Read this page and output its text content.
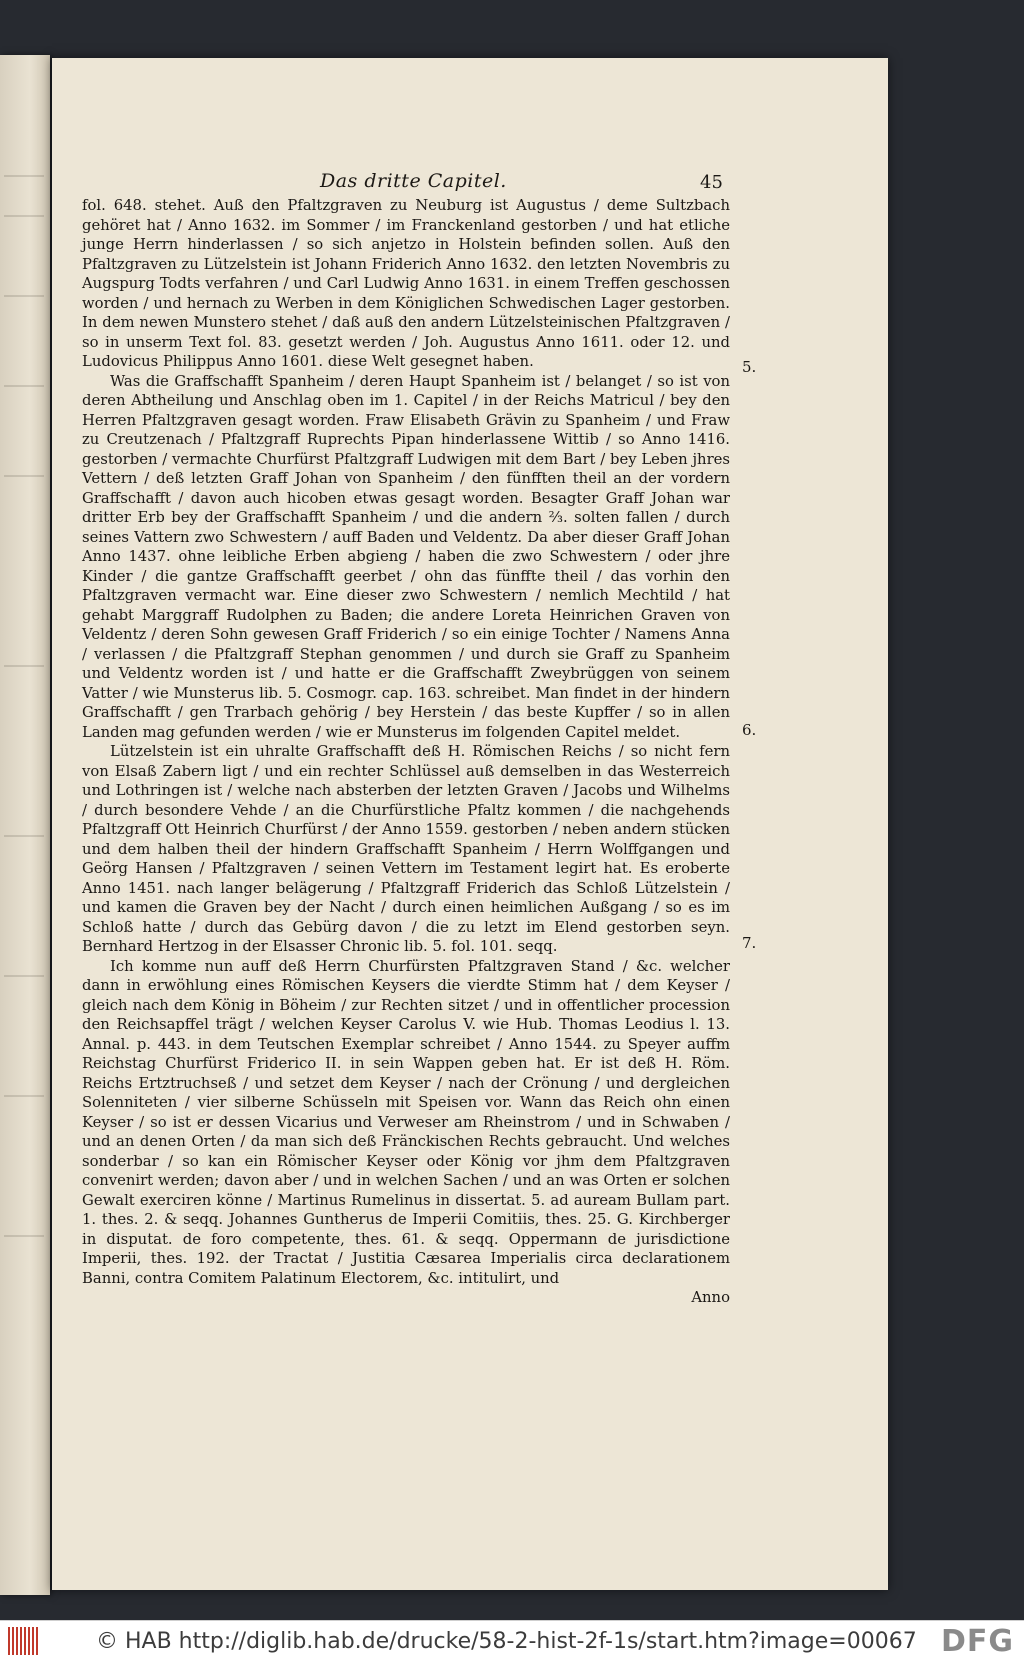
Das dritte Capitel.	45

fol. 648. stehet. Auß den Pfaltzgraven zu Neuburg ist Augustus / deme Sultzbach gehöret hat / Anno 1632. im Sommer / im Franckenland gestorben / und hat etliche junge Herrn hinderlassen / so sich anjetzo in Holstein befinden sollen. Auß den Pfaltzgraven zu Lützelstein ist Johann Friderich Anno 1632. den letzten Novembris zu Augspurg Todts verfahren / und Carl Ludwig Anno 1631. in einem Treffen geschossen worden / und hernach zu Werben in dem Königlichen Schwedischen Lager gestorben. In dem newen Munstero stehet / daß auß den andern Lützelsteinischen Pfaltzgraven / so in unserm Text fol. 83. gesetzt werden / Joh. Augustus Anno 1611. oder 12. und Ludovicus Philippus Anno 1601. diese Welt gesegnet haben.

Was die Graffschafft Spanheim / deren Haupt Spanheim ist / belanget / so ist von deren Abtheilung und Anschlag oben im 1. Capitel / in der Reichs Matricul / bey den Herren Pfaltzgraven gesagt worden. Fraw Elisabeth Grävin zu Spanheim / und Fraw zu Creutzenach / Pfaltzgraff Ruprechts Pipan hinderlassene Wittib / so Anno 1416. gestorben / vermachte Churfürst Pfaltzgraff Ludwigen mit dem Bart / bey Leben jhres Vettern / deß letzten Graff Johan von Spanheim / den fünfften theil an der vordern Graffschafft / davon auch hicoben etwas gesagt worden. Besagter Graff Johan war dritter Erb bey der Graffschafft Spanheim / und die andern ⅔. solten fallen / durch seines Vattern zwo Schwestern / auff Baden und Veldentz. Da aber dieser Graff Johan Anno 1437. ohne leibliche Erben abgieng / haben die zwo Schwestern / oder jhre Kinder / die gantze Graffschafft geerbet / ohn das fünffte theil / das vorhin den Pfaltzgraven vermacht war. Eine dieser zwo Schwestern / nemlich Mechtild / hat gehabt Marggraff Rudolphen zu Baden; die andere Loreta Heinrichen Graven von Veldentz / deren Sohn gewesen Graff Friderich / so ein einige Tochter / Namens Anna / verlassen / die Pfaltzgraff Stephan genommen / und durch sie Graff zu Spanheim und Veldentz worden ist / und hatte er die Graffschafft Zweybrüggen von seinem Vatter / wie Munsterus lib. 5. Cosmogr. cap. 163. schreibet. Man findet in der hindern Graffschafft / gen Trarbach gehörig / bey Herstein / das beste Kupffer / so in allen Landen mag gefunden werden / wie er Munsterus im folgenden Capitel meldet.

Lützelstein ist ein uhralte Graffschafft deß H. Römischen Reichs / so nicht fern von Elsaß Zabern ligt / und ein rechter Schlüssel auß demselben in das Westerreich und Lothringen ist / welche nach absterben der letzten Graven / Jacobs und Wilhelms / durch besondere Vehde / an die Churfürstliche Pfaltz kommen / die nachgehends Pfaltzgraff Ott Heinrich Churfürst / der Anno 1559. gestorben / neben andern stücken und dem halben theil der hindern Graffschafft Spanheim / Herrn Wolffgangen und Geörg Hansen / Pfaltzgraven / seinen Vettern im Testament legirt hat. Es eroberte Anno 1451. nach langer belägerung / Pfaltzgraff Friderich das Schloß Lützelstein / und kamen die Graven bey der Nacht / durch einen heimlichen Außgang / so es im Schloß hatte / durch das Gebürg davon / die zu letzt im Elend gestorben seyn. Bernhard Hertzog in der Elsasser Chronic lib. 5. fol. 101. seqq.

Ich komme nun auff deß Herrn Churfürsten Pfaltzgraven Stand / &c. welcher dann in erwöhlung eines Römischen Keysers die vierdte Stimm hat / dem Keyser / gleich nach dem König in Böheim / zur Rechten sitzet / und in offentlicher procession den Reichsapffel trägt / welchen Keyser Carolus V. wie Hub. Thomas Leodius l. 13. Annal. p. 443. in dem Teutschen Exemplar schreibet / Anno 1544. zu Speyer auffm Reichstag Churfürst Friderico II. in sein Wappen geben hat. Er ist deß H. Röm. Reichs Ertztruchseß / und setzet dem Keyser / nach der Crönung / und dergleichen Solenniteten / vier silberne Schüsseln mit Speisen vor. Wann das Reich ohn einen Keyser / so ist er dessen Vicarius und Verweser am Rheinstrom / und in Schwaben / und an denen Orten / da man sich deß Fränckischen Rechts gebraucht. Und welches sonderbar / so kan ein Römischer Keyser oder König vor jhm dem Pfaltzgraven convenirt werden; davon aber / und in welchen Sachen / und an was Orten er solchen Gewalt exerciren könne / Martinus Rumelinus in dissertat. 5. ad auream Bullam part. 1. thes. 2. & seqq. Johannes Guntherus de Imperii Comitiis, thes. 25. G. Kirchberger in disputat. de foro competente, thes. 61. & seqq. Oppermann de jurisdictione Imperii, thes. 192. der Tractat / Justitia Cæsarea Imperialis circa declarationem Banni, contra Comitem Palatinum Electorem, &c. intitulirt, und

Anno

5.
6.
7.
© HAB http://diglib.hab.de/drucke/58-2-hist-2f-1s/start.htm?image=00067 DFG
